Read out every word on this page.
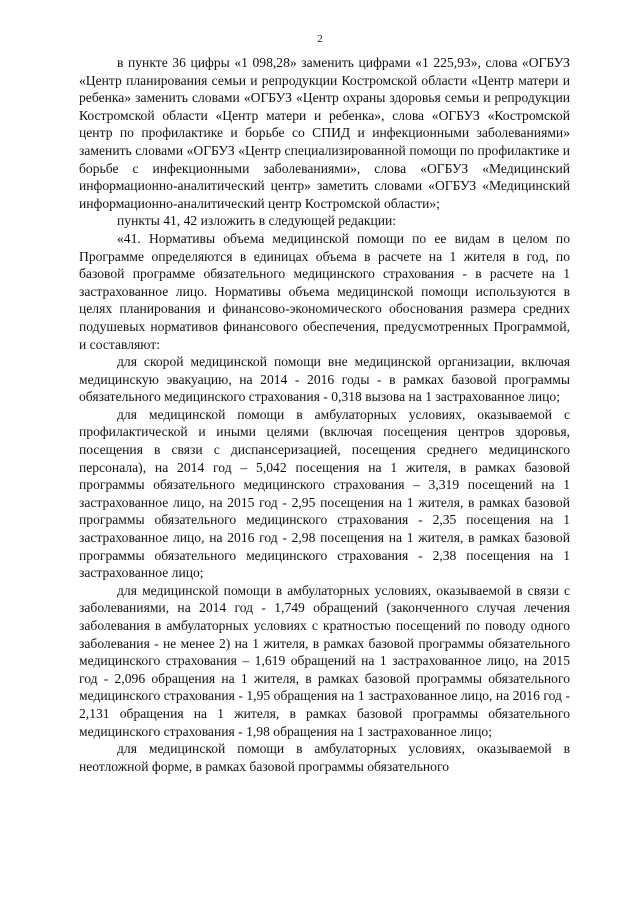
2

в пункте 36 цифры «1 098,28» заменить цифрами «1 225,93», слова «ОГБУЗ «Центр планирования семьи и репродукции Костромской области «Центр матери и ребенка» заменить словами «ОГБУЗ «Центр охраны здоровья семьи и репродукции Костромской области «Центр матери и ребенка», слова «ОГБУЗ «Костромской центр по профилактике и борьбе со СПИД и инфекционными заболеваниями» заменить словами «ОГБУЗ «Центр специализированной помощи по профилактике и борьбе с инфекционными заболеваниями», слова «ОГБУЗ «Медицинский информационно-аналитический центр» заметить словами «ОГБУЗ «Медицинский информационно-аналитический центр Костромской области»;

пункты 41, 42 изложить в следующей редакции:

«41. Нормативы объема медицинской помощи по ее видам в целом по Программе определяются в единицах объема в расчете на 1 жителя в год, по базовой программе обязательного медицинского страхования - в расчете на 1 застрахованное лицо. Нормативы объема медицинской помощи используются в целях планирования и финансово-экономического обоснования размера средних подушевых нормативов финансового обеспечения, предусмотренных Программой, и составляют:

для скорой медицинской помощи вне медицинской организации, включая медицинскую эвакуацию, на 2014 - 2016 годы - в рамках базовой программы обязательного медицинского страхования - 0,318 вызова на 1 застрахованное лицо;

для медицинской помощи в амбулаторных условиях, оказываемой с профилактической и иными целями (включая посещения центров здоровья, посещения в связи с диспансеризацией, посещения среднего медицинского персонала), на 2014 год – 5,042 посещения на 1 жителя, в рамках базовой программы обязательного медицинского страхования – 3,319 посещений на 1 застрахованное лицо, на 2015 год - 2,95 посещения на 1 жителя, в рамках базовой программы обязательного медицинского страхования - 2,35 посещения на 1 застрахованное лицо, на 2016 год - 2,98 посещения на 1 жителя, в рамках базовой программы обязательного медицинского страхования - 2,38 посещения на 1 застрахованное лицо;

для медицинской помощи в амбулаторных условиях, оказываемой в связи с заболеваниями, на 2014 год - 1,749 обращений (законченного случая лечения заболевания в амбулаторных условиях с кратностью посещений по поводу одного заболевания - не менее 2) на 1 жителя, в рамках базовой программы обязательного медицинского страхования – 1,619 обращений на 1 застрахованное лицо, на 2015 год - 2,096 обращения на 1 жителя, в рамках базовой программы обязательного медицинского страхования - 1,95 обращения на 1 застрахованное лицо, на 2016 год - 2,131 обращения на 1 жителя, в рамках базовой программы обязательного медицинского страхования - 1,98 обращения на 1 застрахованное лицо;

для медицинской помощи в амбулаторных условиях, оказываемой в неотложной форме, в рамках базовой программы обязательного
